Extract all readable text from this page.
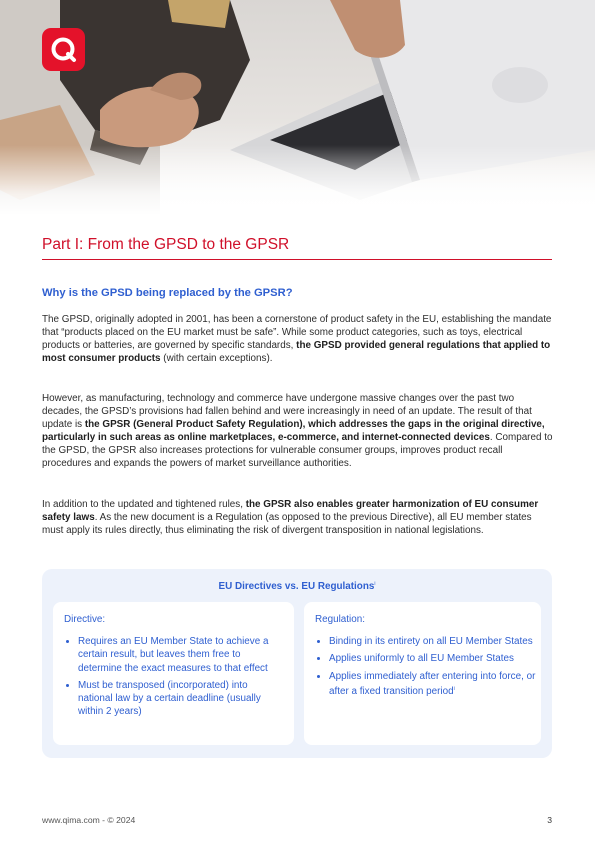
Part I: From the GPSD to the GPSR
Why is the GPSD being replaced by the GPSR?

The GPSD, originally adopted in 2001, has been a cornerstone of product safety in the EU, establishing the mandate that “products placed on the EU market must be safe”. While some product categories, such as toys, electrical products or batteries, are governed by specific standards, the GPSD provided general regulations that applied to most consumer products (with certain exceptions).

However, as manufacturing, technology and commerce have undergone massive changes over the past two decades, the GPSD’s provisions had fallen behind and were increasingly in need of an update. The result of that update is the GPSR (General Product Safety Regulation), which addresses the gaps in the original directive, particularly in such areas as online marketplaces, e-commerce, and internet-connected devices. Compared to the GPSD, the GPSR also increases protections for vulnerable consumer groups, improves product recall procedures and expands the powers of market surveillance authorities.

In addition to the updated and tightened rules, the GPSR also enables greater harmonization of EU consumer safety laws. As the new document is a Regulation (as opposed to the previous Directive), all EU member states must apply its rules directly, thus eliminating the risk of divergent transposition in national legislations.

EU Directives vs. EU Regulations$^i$
Directive:
• Requires an EU Member State to achieve a certain result, but leaves them free to determine the exact measures to that effect
• Must be transposed (incorporated) into national law by a certain deadline (usually within 2 years)
Regulation:
• Binding in its entirety on all EU Member States
• Applies uniformly to all EU Member States
• Applies immediately after entering into force, or after a fixed transition period$^i$
www.qima.com - © 2024	3
